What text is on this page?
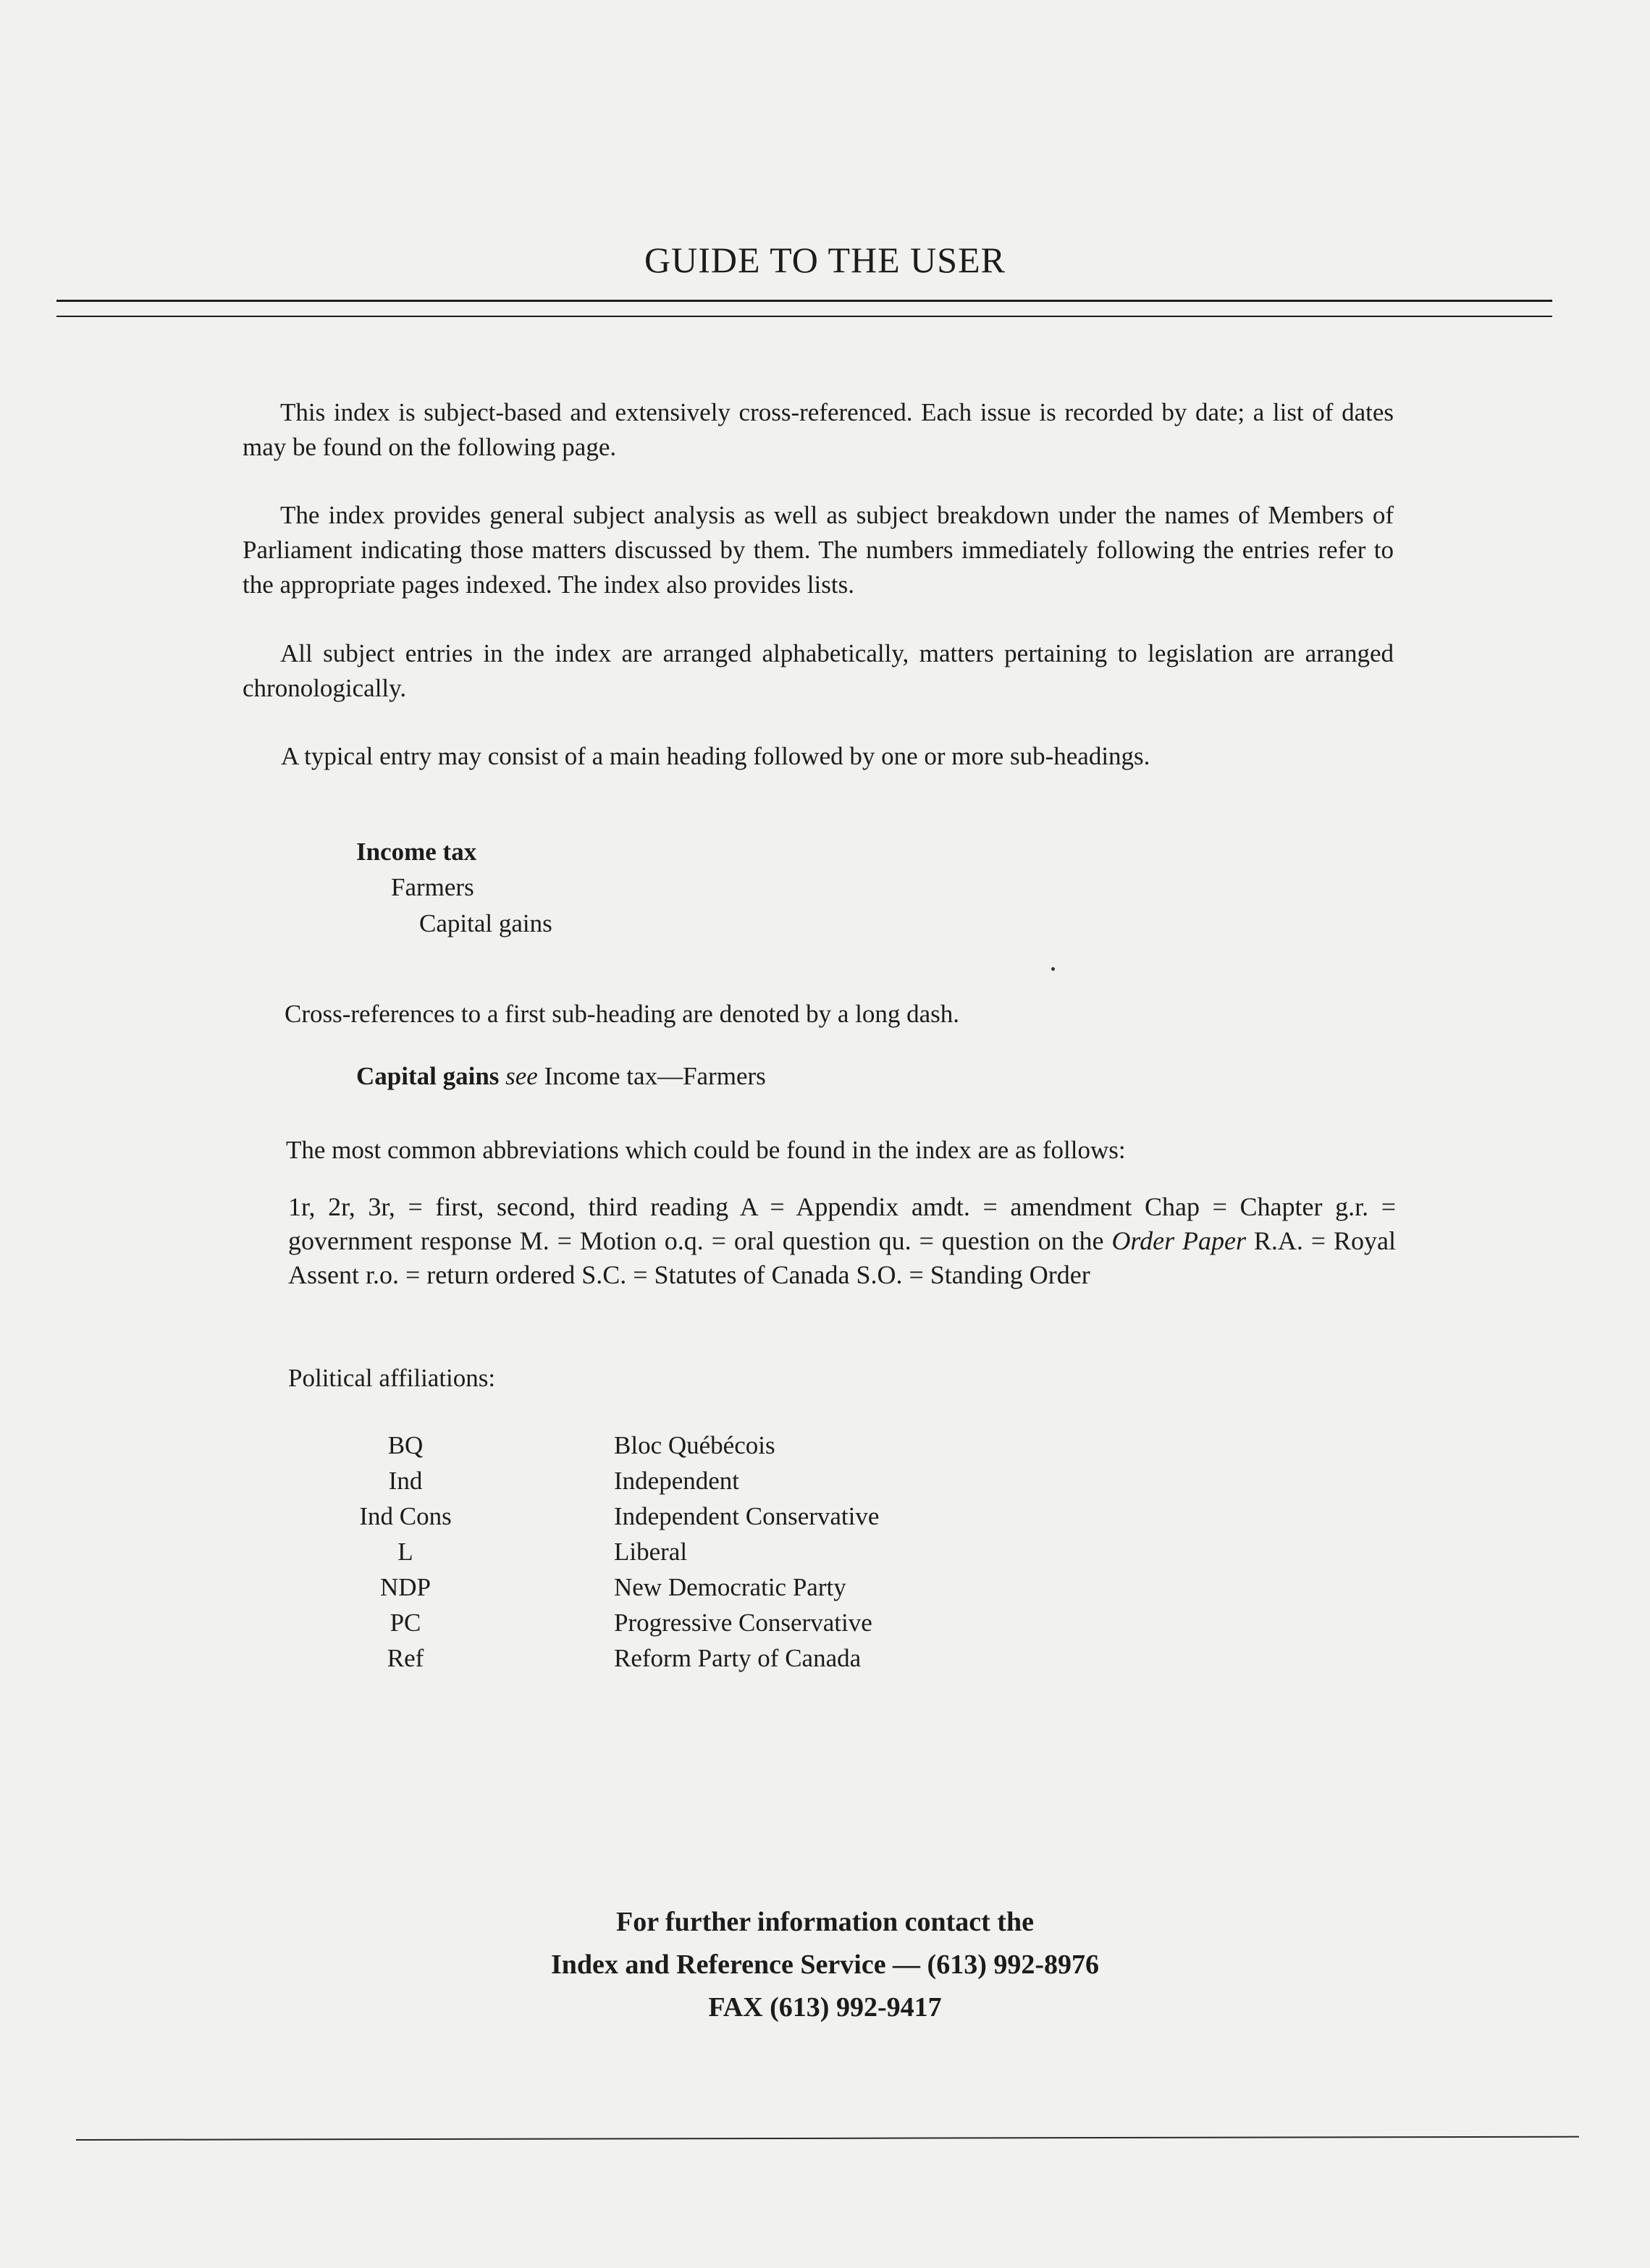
GUIDE TO THE USER
This index is subject-based and extensively cross-referenced. Each issue is recorded by date; a list of dates may be found on the following page.
The index provides general subject analysis as well as subject breakdown under the names of Members of Parliament indicating those matters discussed by them. The numbers immediately following the entries refer to the appropriate pages indexed. The index also provides lists.
All subject entries in the index are arranged alphabetically, matters pertaining to legislation are arranged chronologically.
A typical entry may consist of a main heading followed by one or more sub-headings.
Income tax
Farmers
Capital gains
Cross-references to a first sub-heading are denoted by a long dash.
Capital gains see Income tax—Farmers
The most common abbreviations which could be found in the index are as follows:
1r, 2r, 3r, = first, second, third reading A = Appendix amdt. = amendment Chap = Chapter g.r. = government response M. = Motion o.q. = oral question qu. = question on the Order Paper R.A. = Royal Assent r.o. = return ordered S.C. = Statutes of Canada S.O. = Standing Order
Political affiliations:
BQ		Bloc Québécois
Ind		Independent
Ind Cons		Independent Conservative
L		Liberal
NDP		New Democratic Party
PC		Progressive Conservative
Ref		Reform Party of Canada
For further information contact the
Index and Reference Service — (613) 992-8976
FAX (613) 992-9417
